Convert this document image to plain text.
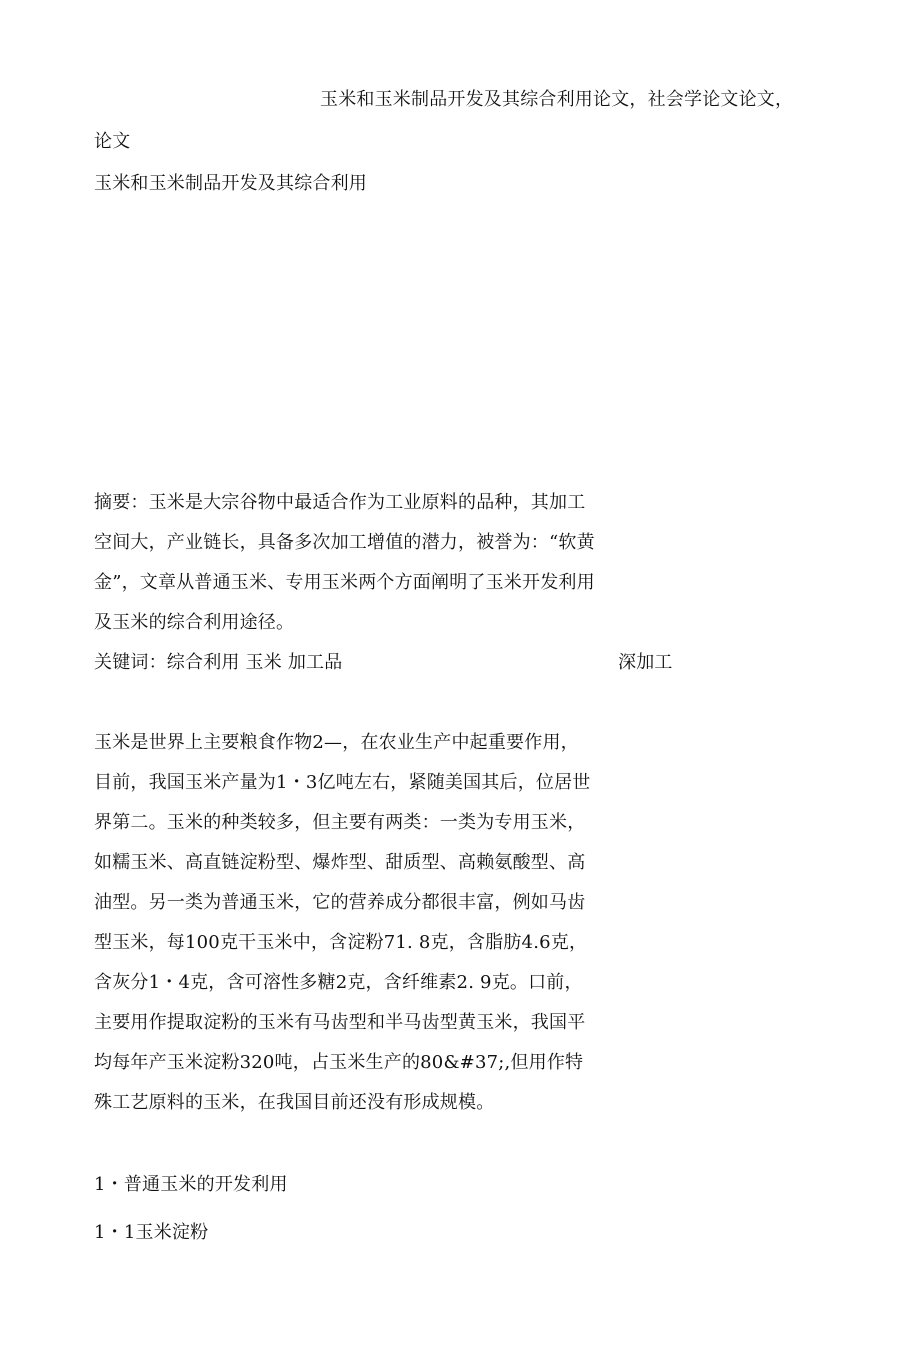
玉米和玉米制品开发及其综合利用论文，社会学论文论文，
论文
玉米和玉米制品开发及其综合利用
摘要：玉米是大宗谷物中最适合作为工业原料的品种，其加工
空间大，产业链长，具备多次加工增值的潜力，被誉为：“软黄
金”，文章从普通玉米、专用玉米两个方面阐明了玉米开发利用
及玉米的综合利用途径。
关键词：综合利用 玉米 加工品	深加工
玉米是世界上主要粮食作物2—，在农业生产中起重要作用，
目前，我国玉米产量为1・3亿吨左右，紧随美国其后，位居世
界第二。玉米的种类较多，但主要有两类：一类为专用玉米，
如糯玉米、高直链淀粉型、爆炸型、甜质型、高赖氨酸型、高
油型。另一类为普通玉米，它的营养成分都很丰富，例如马齿
型玉米，每100克干玉米中，含淀粉71. 8克，含脂肪4.6克，
含灰分1・4克，含可溶性多糖2克，含纤维素2. 9克。口前，
主要用作提取淀粉的玉米有马齿型和半马齿型黄玉米，我国平
均每年产玉米淀粉320吨，占玉米生产的80&#37;,但用作特
殊工艺原料的玉米，在我国目前还没有形成规模。
1・普通玉米的开发利用
1・1玉米淀粉
